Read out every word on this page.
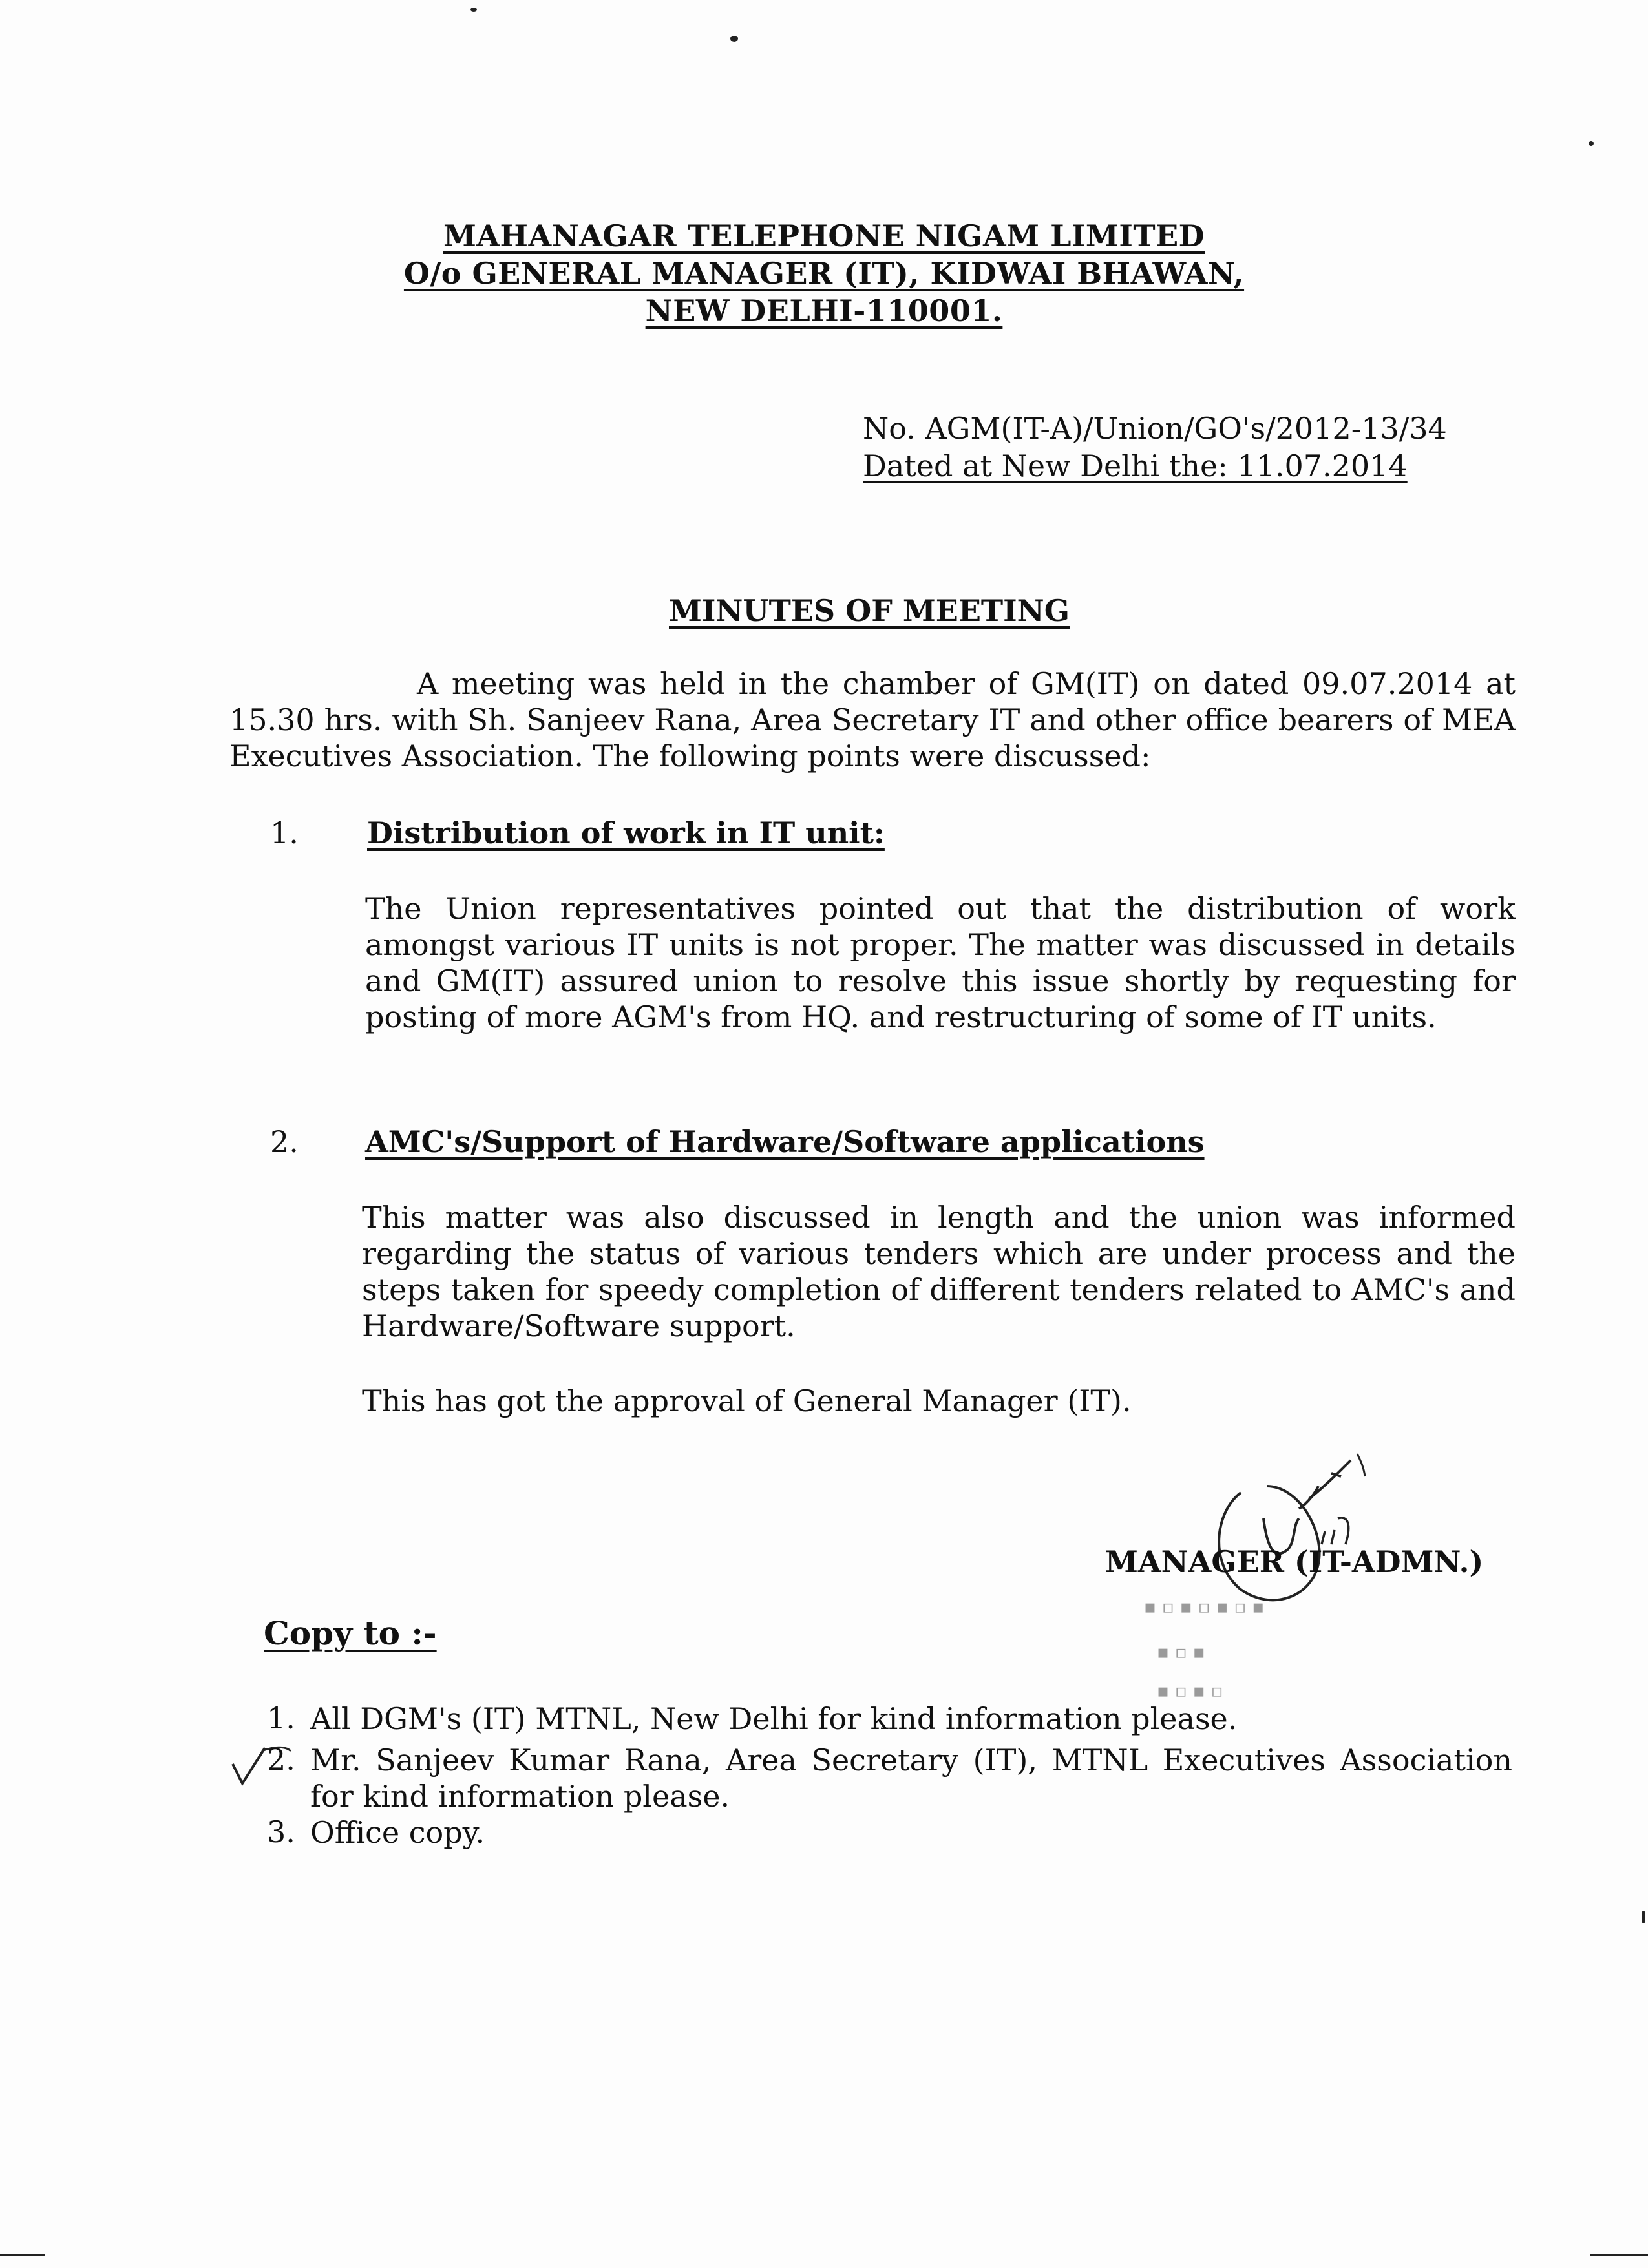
MAHANAGAR TELEPHONE NIGAM LIMITED
O/o GENERAL MANAGER (IT), KIDWAI BHAWAN,
NEW DELHI-110001.
No. AGM(IT-A)/Union/GO's/2012-13/34
Dated at New Delhi the: 11.07.2014
MINUTES OF MEETING
A meeting was held in the chamber of GM(IT) on dated 09.07.2014 at 15.30 hrs. with Sh. Sanjeev Rana, Area Secretary IT and other office bearers of MEA Executives Association. The following points were discussed:
1. Distribution of work in IT unit:
The Union representatives pointed out that the distribution of work amongst various IT units is not proper. The matter was discussed in details and GM(IT) assured union to resolve this issue shortly by requesting for posting of more AGM's from HQ. and restructuring of some of IT units.
2. AMC's/Support of Hardware/Software applications
This matter was also discussed in length and the union was informed regarding the status of various tenders which are under process and the steps taken for speedy completion of different tenders related to AMC's and Hardware/Software support.
This has got the approval of General Manager (IT).
MANAGER (IT-ADMN.)
▪ ▫ ▪ ▫ ▪ ▫ ▪
▪ ▫ ▪
▪ ▫ ▪ ▫
Copy to :-
1. All DGM's (IT) MTNL, New Delhi for kind information please.
2. Mr. Sanjeev Kumar Rana, Area Secretary (IT), MTNL Executives Association for kind information please.
3. Office copy.
